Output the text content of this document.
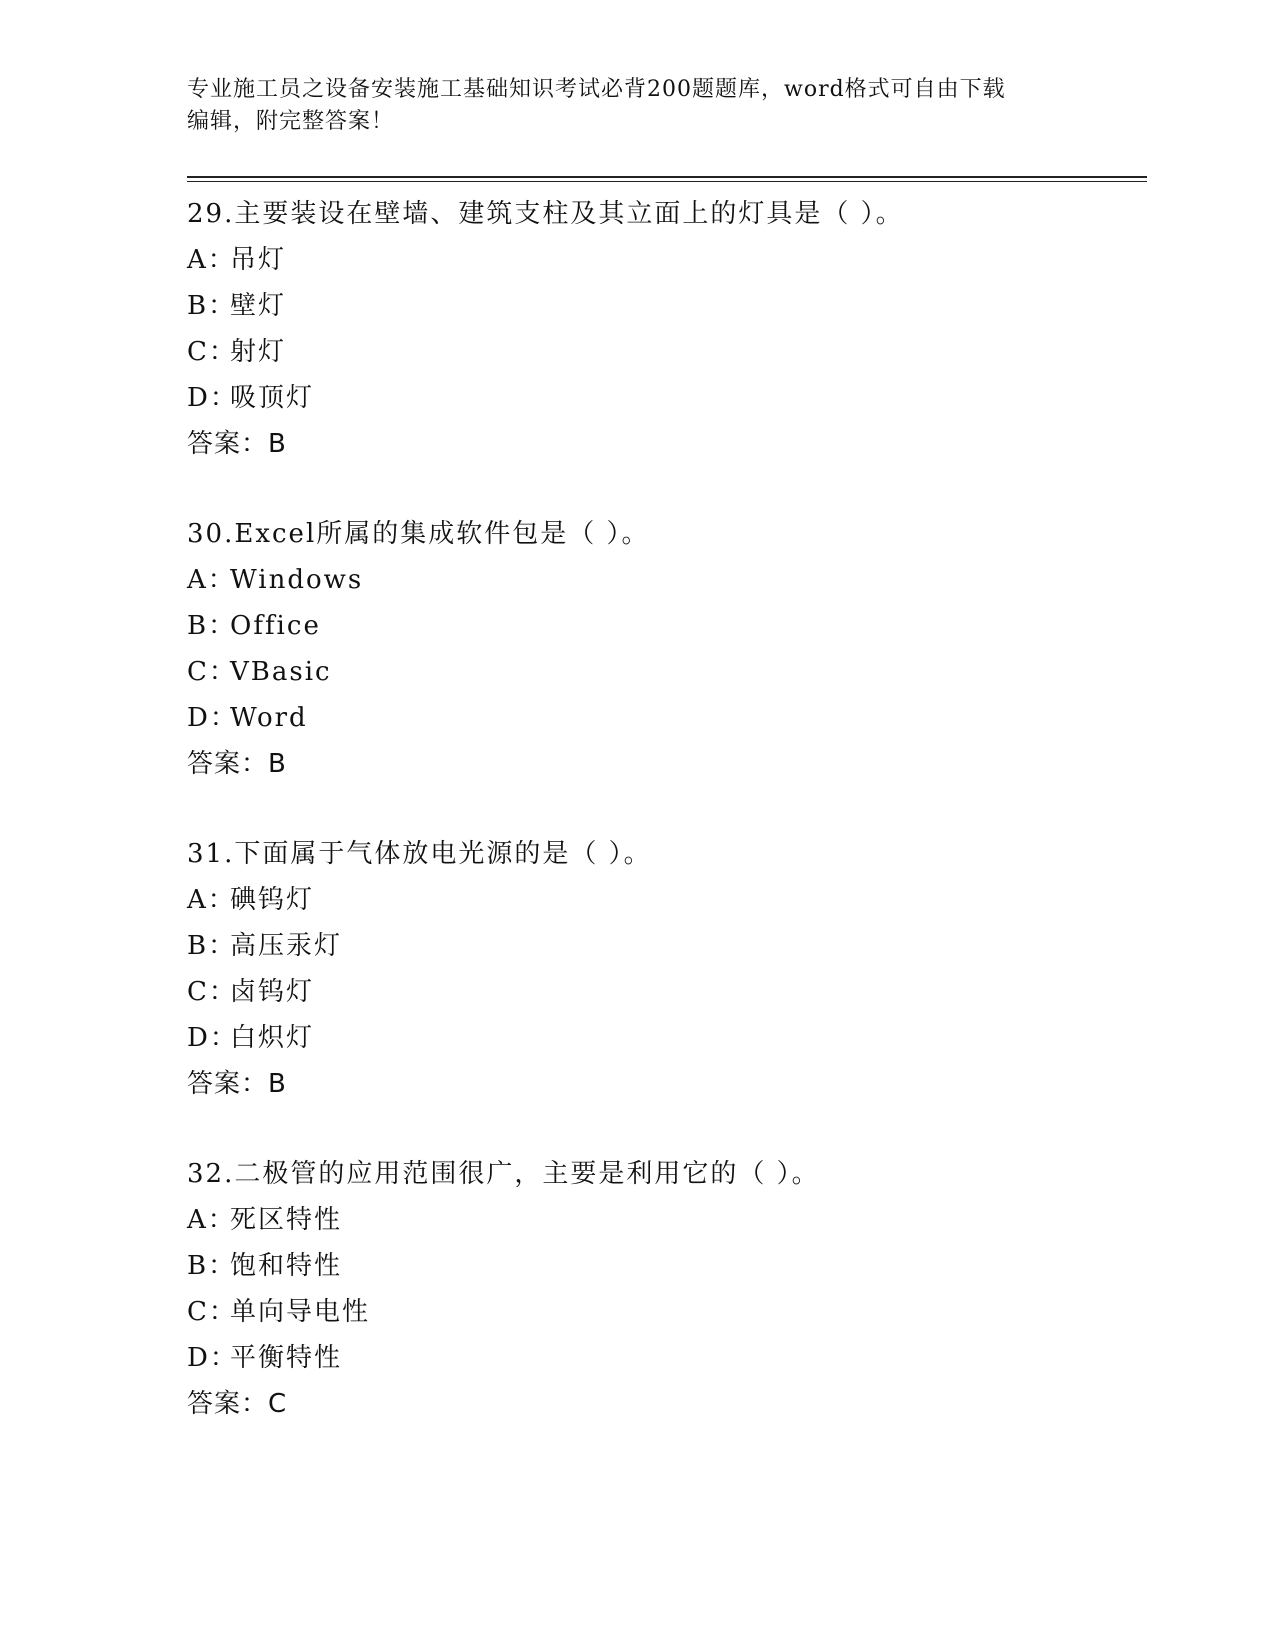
专业施工员之设备安装施工基础知识考试必背200题题库，word格式可自由下载
编辑，附完整答案！
29.主要装设在壁墙、建筑支柱及其立面上的灯具是（ ）。
A：吊灯
B：壁灯
C：射灯
D：吸顶灯
答案：B
30.Excel所属的集成软件包是（ ）。
A：Windows
B：Office
C：VBasic
D：Word
答案：B
31.下面属于气体放电光源的是（ ）。
A：碘钨灯
B：高压汞灯
C：卤钨灯
D：白炽灯
答案：B
32.二极管的应用范围很广，主要是利用它的（ ）。
A：死区特性
B：饱和特性
C：单向导电性
D：平衡特性
答案：C
